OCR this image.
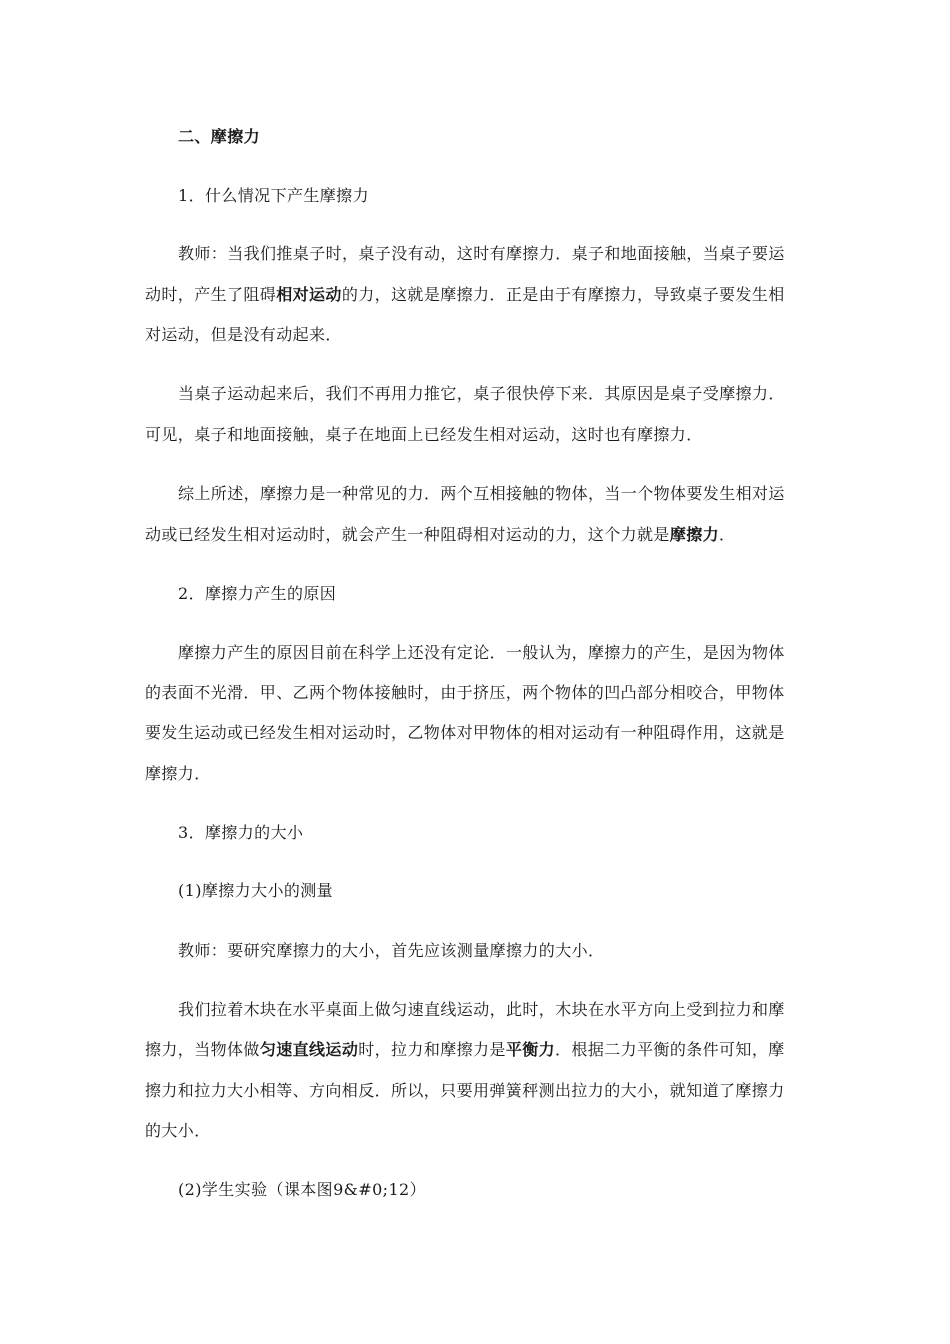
二、摩擦力
1．什么情况下产生摩擦力
教师：当我们推桌子时，桌子没有动，这时有摩擦力．桌子和地面接触，当桌子要运
动时，产生了阻碍相对运动的力，这就是摩擦力．正是由于有摩擦力，导致桌子要发生相
对运动，但是没有动起来．
当桌子运动起来后，我们不再用力推它，桌子很快停下来．其原因是桌子受摩擦力．
可见，桌子和地面接触，桌子在地面上已经发生相对运动，这时也有摩擦力．
综上所述，摩擦力是一种常见的力．两个互相接触的物体，当一个物体要发生相对运
动或已经发生相对运动时，就会产生一种阻碍相对运动的力，这个力就是摩擦力．
2．摩擦力产生的原因
摩擦力产生的原因目前在科学上还没有定论．一般认为，摩擦力的产生，是因为物体
的表面不光滑．甲、乙两个物体接触时，由于挤压，两个物体的凹凸部分相咬合，甲物体
要发生运动或已经发生相对运动时，乙物体对甲物体的相对运动有一种阻碍作用，这就是
摩擦力．
3．摩擦力的大小
(1)摩擦力大小的测量
教师：要研究摩擦力的大小，首先应该测量摩擦力的大小．
我们拉着木块在水平桌面上做匀速直线运动，此时，木块在水平方向上受到拉力和摩
擦力，当物体做匀速直线运动时，拉力和摩擦力是平衡力．根据二力平衡的条件可知，摩
擦力和拉力大小相等、方向相反．所以，只要用弹簧秤测出拉力的大小，就知道了摩擦力
的大小．
(2)学生实验（课本图9&#0;12）
